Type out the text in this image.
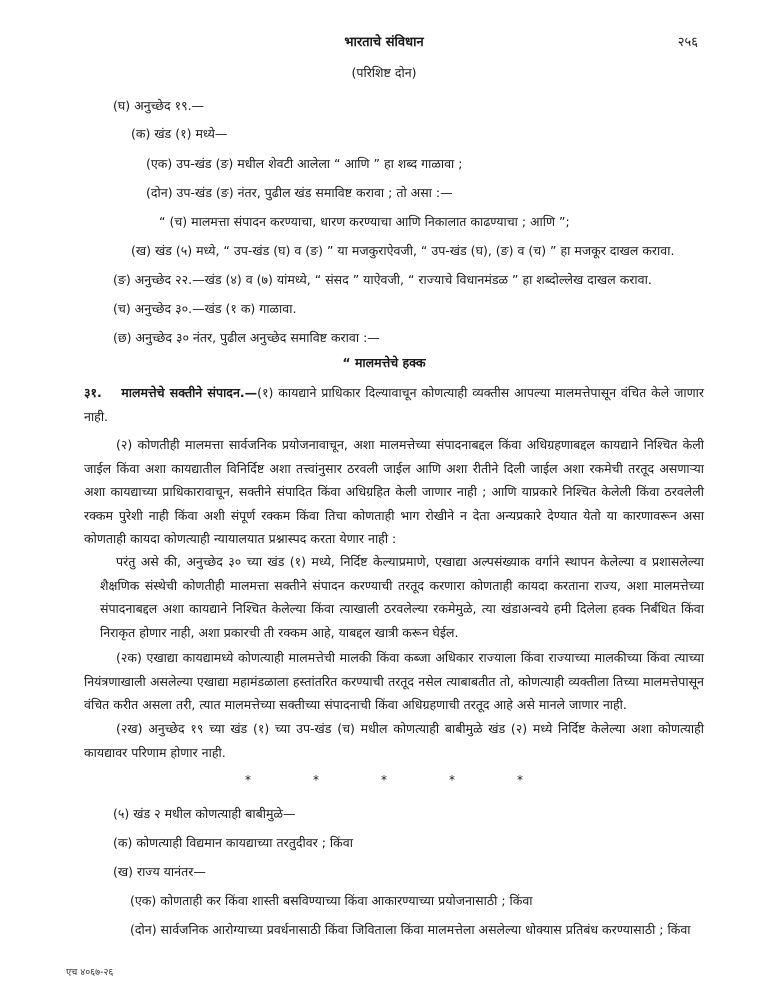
भारताचे संविधान	२५६
(परिशिष्ट दोन)
(घ) अनुच्छेद १९.—
(क) खंड (१) मध्ये—
(एक) उप-खंड (ङ) मधील शेवटी आलेला “ आणि ” हा शब्द गाळावा ;
(दोन) उप-खंड (ङ) नंतर, पुढील खंड समाविष्ट करावा ; तो असा :—
“ (च) मालमत्ता संपादन करण्याचा, धारण करण्याचा आणि निकालात काढण्याचा ; आणि ”;
(ख) खंड (५) मध्ये, “ उप-खंड (घ) व (ङ) ” या मजकुराऐवजी, “ उप-खंड (घ), (ङ) व (च) ” हा मजकूर दाखल करावा.
(ङ) अनुच्छेद २२.—खंड (४) व (७) यांमध्ये, “ संसद ” याऐवजी, “ राज्याचे विधानमंडळ ” हा शब्दोल्लेख दाखल करावा.
(च) अनुच्छेद ३०.—खंड (१ क) गाळावा.
(छ) अनुच्छेद ३० नंतर, पुढील अनुच्छेद समाविष्ट करावा :—
“ मालमत्तेचे हक्क
३१. मालमत्तेचे सक्तीने संपादन.—(१) कायद्याने प्राधिकार दिल्यावाचून कोणत्याही व्यक्तीस आपल्या मालमत्तेपासून वंचित केले जाणार नाही.
(२) कोणतीही मालमत्ता सार्वजनिक प्रयोजनावाचून, अशा मालमत्तेच्या संपादनाबद्दल किंवा अधिग्रहणाबद्दल कायद्याने निश्चित केली जाईल किंवा अशा कायद्यातील विनिर्दिष्ट अशा तत्त्वांनुसार ठरवली जाईल आणि अशा रीतीने दिली जाईल अशा रकमेची तरतूद असणाऱ्या अशा कायद्याच्या प्राधिकारावाचून, सक्तीने संपादित किंवा अधिग्रहित केली जाणार नाही ; आणि याप्रकारे निश्चित केलेली किंवा ठरवलेली रक्कम पुरेशी नाही किंवा अशी संपूर्ण रक्कम किंवा तिचा कोणताही भाग रोखीने न देता अन्यप्रकारे देण्यात येतो या कारणावरून असा कोणताही कायदा कोणत्याही न्यायालयात प्रश्नास्पद करता येणार नाही :
परंतु असे की, अनुच्छेद ३० च्या खंड (१) मध्ये, निर्दिष्ट केल्याप्रमाणे, एखाद्या अल्पसंख्याक वर्गाने स्थापन केलेल्या व प्रशासलेल्या शैक्षणिक संस्थेची कोणतीही मालमत्ता सक्तीने संपादन करण्याची तरतूद करणारा कोणताही कायदा करताना राज्य, अशा मालमत्तेच्या संपादनाबद्दल अशा कायद्याने निश्चित केलेल्या किंवा त्याखाली ठरवलेल्या रकमेमुळे, त्या खंडाअन्वये हमी दिलेला हक्क निर्बंधित किंवा निराकृत होणार नाही, अशा प्रकारची ती रक्कम आहे, याबद्दल खात्री करून घेईल.
(२क) एखाद्या कायद्यामध्ये कोणत्याही मालमत्तेची मालकी किंवा कब्जा अधिकार राज्याला किंवा राज्याच्या मालकीच्या किंवा त्याच्या नियंत्रणाखाली असलेल्या एखाद्या महामंडळाला हस्तांतरित करण्याची तरतूद नसेल त्याबाबतीत तो, कोणत्याही व्यक्तीला तिच्या मालमत्तेपासून वंचित करीत असला तरी, त्यात मालमत्तेच्या सक्तीच्या संपादनाची किंवा अधिग्रहणाची तरतूद आहे असे मानले जाणार नाही.
(२ख) अनुच्छेद १९ च्या खंड (१) च्या उप-खंड (च) मधील कोणत्याही बाबीमुळे खंड (२) मध्ये निर्दिष्ट केलेल्या अशा कोणत्याही कायद्यावर परिणाम होणार नाही.
*	*	*	*	*
(५) खंड २ मधील कोणत्याही बाबीमुळे—
(क) कोणत्याही विद्यमान कायद्याच्या तरतुदीवर ; किंवा
(ख) राज्य यानंतर—
(एक) कोणताही कर किंवा शास्ती बसविण्याच्या किंवा आकारण्याच्या प्रयोजनासाठी ; किंवा
(दोन) सार्वजनिक आरोग्याच्या प्रवर्धनासाठी किंवा जिविताला किंवा मालमत्तेला असलेल्या धोक्यास प्रतिबंध करण्यासाठी ; किंवा
एच ४०६७-२६
